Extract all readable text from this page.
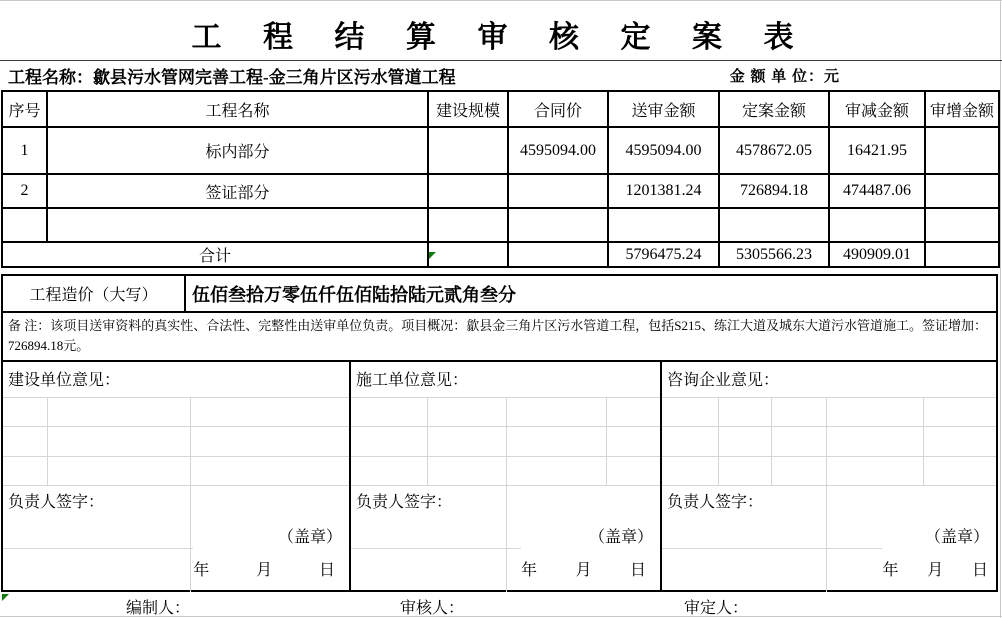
工 程 结 算 审 核 定 案 表
工程名称：歙县污水管网完善工程-金三角片区污水管道工程	金 额 单 位：元
序号	工程名称	建设规模	合同价	送审金额	定案金额	审减金额	审增金额
1	标内部分		4595094.00	4595094.00	4578672.05	16421.95	
2	签证部分			1201381.24	726894.18	474487.06	

合计				5796475.24	5305566.23	490909.01	
工程造价（大写）	伍佰叁拾万零伍仟伍佰陆拾陆元贰角叁分
备 注：该项目送审资料的真实性、合法性、完整性由送审单位负责。项目概况：歙县金三角片区污水管道工程，包括S215、练江大道及城东大道污水管道施工。签证增加：
726894.18元。
建设单位意见：
负责人签字：
（盖章）
年	月	日
施工单位意见：
负责人签字：
（盖章）
年 月 日
咨询企业意见：
负责人签字：
（盖章）
年 月 日
编制人：	审核人：	审定人：
